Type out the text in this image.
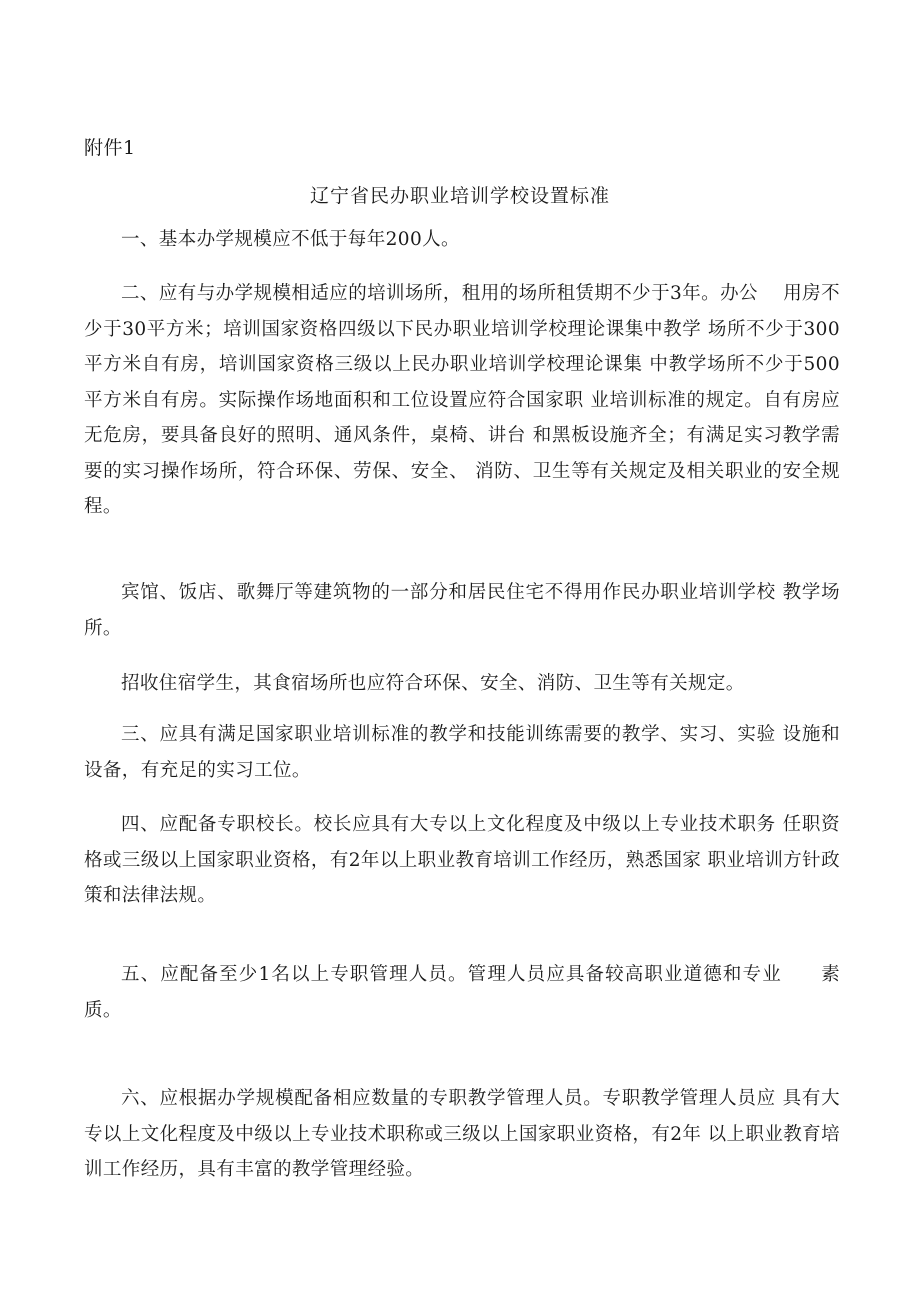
附件1
辽宁省民办职业培训学校设置标准

一、基本办学规模应不低于每年200人。

二、应有与办学规模相适应的培训场所，租用的场所租赁期不少于3年。办公　 用房不少于30平方米；培训国家资格四级以下民办职业培训学校理论课集中教学 场所不少于300平方米自有房，培训国家资格三级以上民办职业培训学校理论课集 中教学场所不少于500平方米自有房。实际操作场地面积和工位设置应符合国家职 业培训标准的规定。自有房应无危房，要具备良好的照明、通风条件，桌椅、讲台 和黑板设施齐全；有满足实习教学需要的实习操作场所，符合环保、劳保、安全、 消防、卫生等有关规定及相关职业的安全规程。

宾馆、饭店、歌舞厅等建筑物的一部分和居民住宅不得用作民办职业培训学校 教学场所。

招收住宿学生，其食宿场所也应符合环保、安全、消防、卫生等有关规定。

三、应具有满足国家职业培训标准的教学和技能训练需要的教学、实习、实验 设施和设备，有充足的实习工位。

四、应配备专职校长。校长应具有大专以上文化程度及中级以上专业技术职务 任职资格或三级以上国家职业资格，有2年以上职业教育培训工作经历，熟悉国家 职业培训方针政策和法律法规。

五、应配备至少1名以上专职管理人员。管理人员应具备较高职业道德和专业　　素质。

六、应根据办学规模配备相应数量的专职教学管理人员。专职教学管理人员应 具有大专以上文化程度及中级以上专业技术职称或三级以上国家职业资格，有2年 以上职业教育培训工作经历，具有丰富的教学管理经验。
